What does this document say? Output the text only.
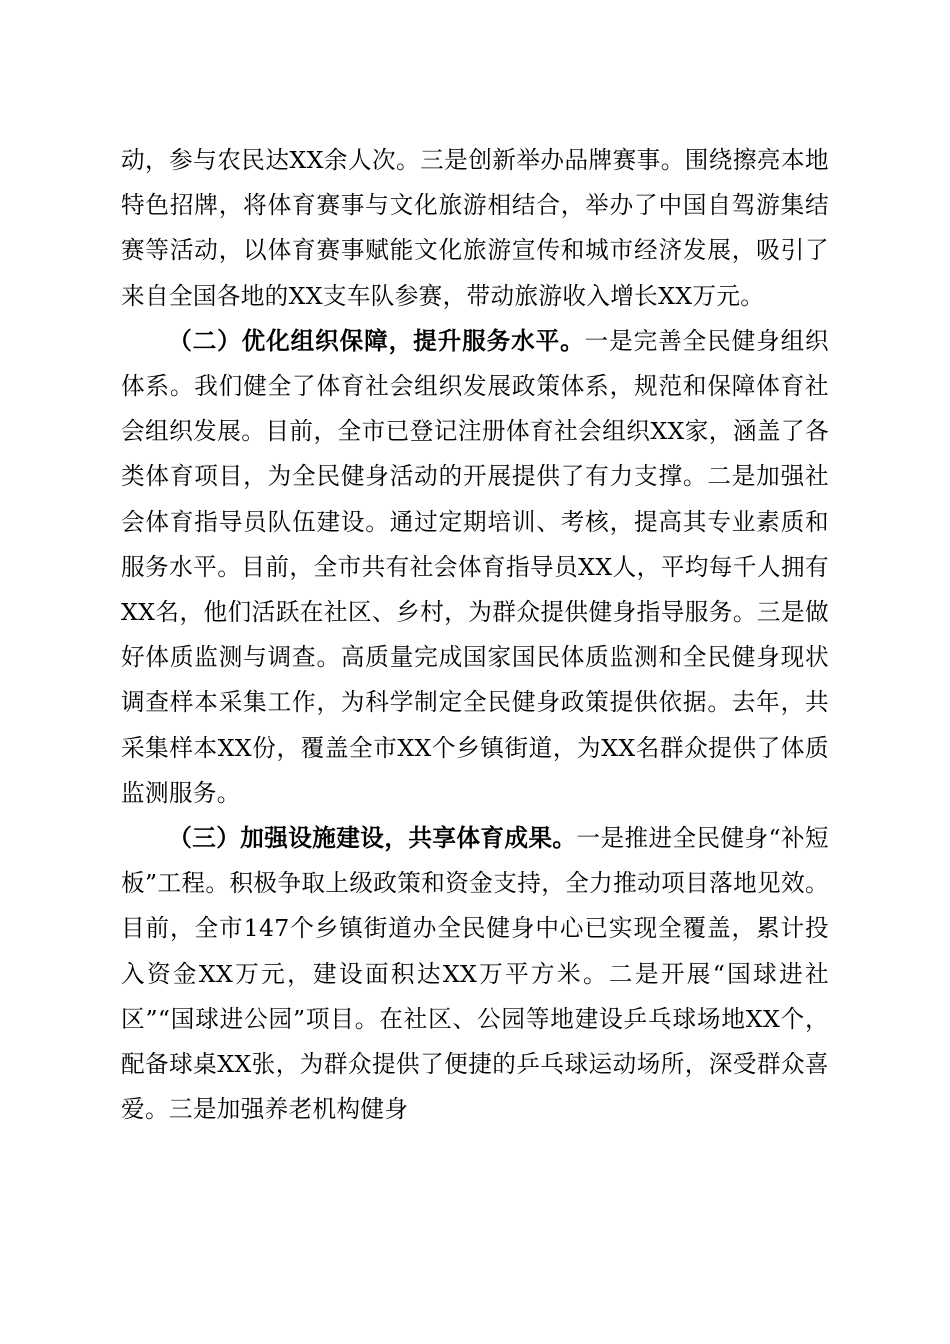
动，参与农民达XX余人次。三是创新举办品牌赛事。围绕擦亮本地特色招牌，将体育赛事与文化旅游相结合，举办了中国自驾游集结赛等活动，以体育赛事赋能文化旅游宣传和城市经济发展，吸引了来自全国各地的XX支车队参赛，带动旅游收入增长XX万元。

（二）优化组织保障，提升服务水平。一是完善全民健身组织体系。我们健全了体育社会组织发展政策体系，规范和保障体育社会组织发展。目前，全市已登记注册体育社会组织XX家，涵盖了各类体育项目，为全民健身活动的开展提供了有力支撑。二是加强社会体育指导员队伍建设。通过定期培训、考核，提高其专业素质和服务水平。目前，全市共有社会体育指导员XX人，平均每千人拥有XX名，他们活跃在社区、乡村，为群众提供健身指导服务。三是做好体质监测与调查。高质量完成国家国民体质监测和全民健身现状调查样本采集工作，为科学制定全民健身政策提供依据。去年，共采集样本XX份，覆盖全市XX个乡镇街道，为XX名群众提供了体质监测服务。

（三）加强设施建设，共享体育成果。一是推进全民健身“补短板”工程。积极争取上级政策和资金支持，全力推动项目落地见效。目前，全市147个乡镇街道办全民健身中心已实现全覆盖，累计投入资金XX万元，建设面积达XX万平方米。二是开展“国球进社区”“国球进公园”项目。在社区、公园等地建设乒乓球场地XX个，配备球桌XX张，为群众提供了便捷的乒乓球运动场所，深受群众喜爱。三是加强养老机构健身
